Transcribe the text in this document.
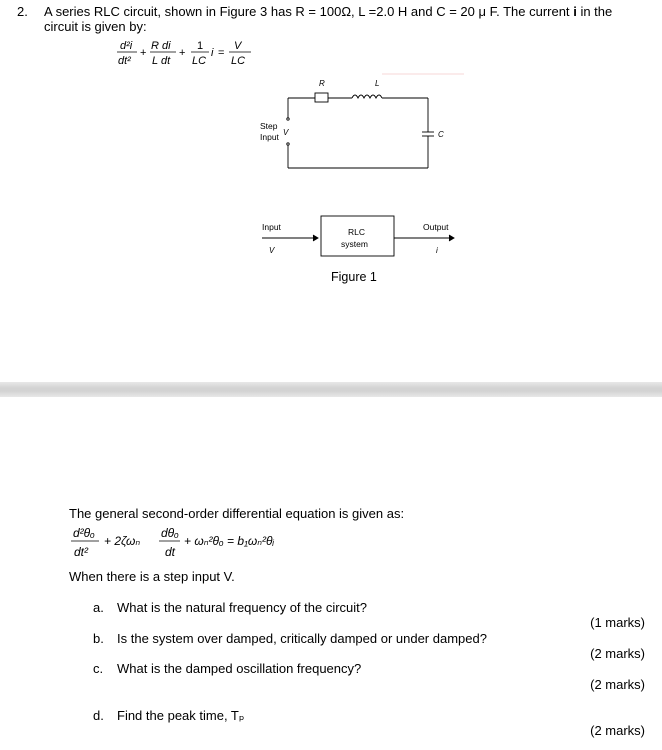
2. A series RLC circuit, shown in Figure 3 has R = 100Ω, L =2.0 H and C = 20 μ F. The current i in the
circuit is given by:
d²i
dt²
+
R di
L dt
+
1
LC
i =
V
LC
R	L
V	C
Step
Input
Input	Output
RLC
system
V	i
Figure 1
The general second-order differential equation is given as:
d²θₒ
dt²
+ 2ζωₙ
dθₒ
dt
+ ωₙ²θₒ = b₁ωₙ²θᵢ
When there is a step input V.
a. What is the natural frequency of the circuit?
(1 marks)
b. Is the system over damped, critically damped or under damped?
(2 marks)
c. What is the damped oscillation frequency?
(2 marks)
d. Find the peak time, Tₚ
(2 marks)
